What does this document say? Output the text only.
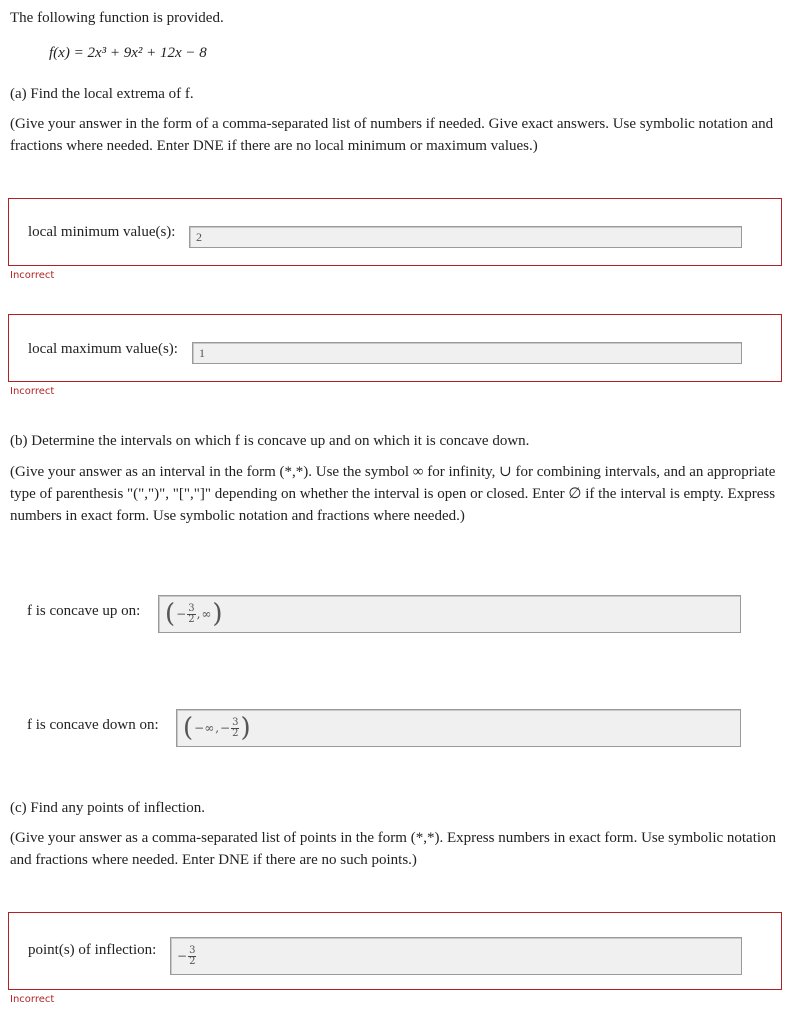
The following function is provided.
f(x) = 2x³ + 9x² + 12x − 8
(a) Find the local extrema of f.
(Give your answer in the form of a comma-separated list of numbers if needed. Give exact answers. Use symbolic notation and fractions where needed. Enter DNE if there are no local minimum or maximum values.)
local minimum value(s):	2
Incorrect
local maximum value(s):	1
Incorrect
(b) Determine the intervals on which f is concave up and on which it is concave down.
(Give your answer as an interval in the form (*,*). Use the symbol ∞ for infinity, ∪ for combining intervals, and an appropriate type of parenthesis "(",")", "[","]" depending on whether the interval is open or closed. Enter ∅ if the interval is empty. Express numbers in exact form. Use symbolic notation and fractions where needed.)
f is concave up on: ( − $\frac{3}{2}$ , ∞ )
f is concave down on: ( −∞ , − $\frac{3}{2}$ )
(c) Find any points of inflection.
(Give your answer as a comma-separated list of points in the form (*,*). Express numbers in exact form. Use symbolic notation and fractions where needed. Enter DNE if there are no such points.)
point(s) of inflection: − $\frac{3}{2}$
Incorrect
